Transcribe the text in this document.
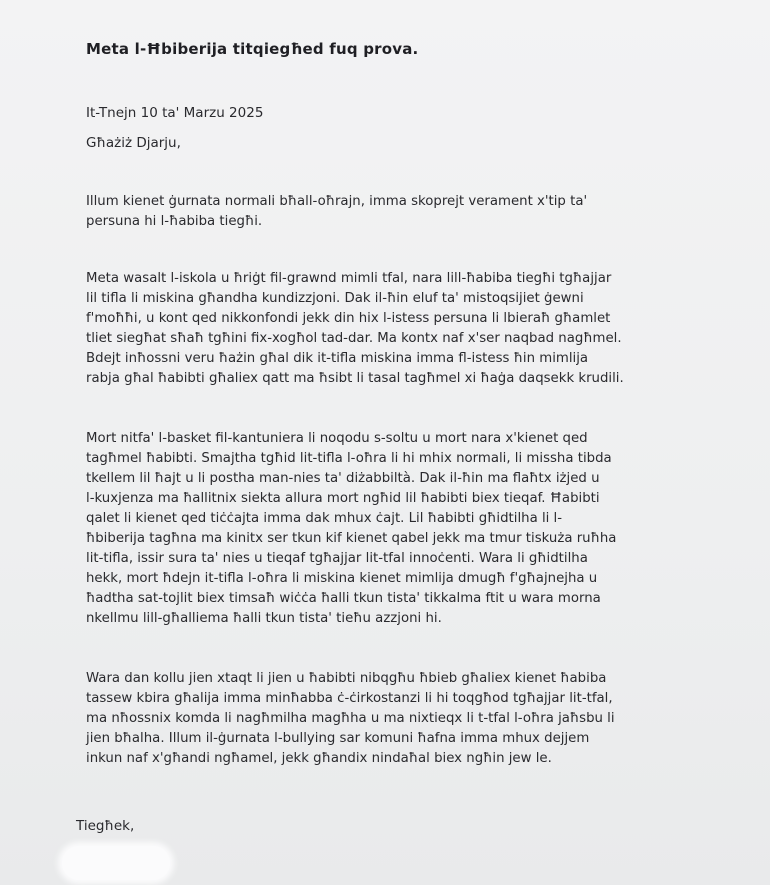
Meta l-Ħbiberija titqiegħed fuq prova.
It-Tnejn 10 ta' Marzu 2025
Għażiż Djarju,
Illum kienet ġurnata normali bħall-oħrajn, imma skoprejt verament x'tip ta'
persuna hi l-ħabiba tiegħi.
Meta wasalt l-iskola u ħriġt fil-grawnd mimli tfal, nara lill-ħabiba tiegħi tgħajjar
lil tifla li miskina għandha kundizzjoni. Dak il-ħin eluf ta' mistoqsijiet ġewni
f'moħħi, u kont qed nikkonfondi jekk din hix l-istess persuna li lbieraħ għamlet
tliet siegħat sħaħ tgħini fix-xogħol tad-dar. Ma kontx naf x'ser naqbad nagħmel.
Bdejt inħossni veru ħażin għal dik it-tifla miskina imma fl-istess ħin mimlija
rabja għal ħabibti għaliex qatt ma ħsibt li tasal tagħmel xi ħaġa daqsekk krudili.
Mort nitfa' l-basket fil-kantuniera li noqodu s-soltu u mort nara x'kienet qed
tagħmel ħabibti. Smajtha tgħid lit-tifla l-oħra li hi mhix normali, li missha tibda
tkellem lil ħajt u li postha man-nies ta' diżabbiltà. Dak il-ħin ma flaħtx iżjed u
l-kuxjenza ma ħallitnix siekta allura mort ngħid lil ħabibti biex tieqaf. Ħabibti
qalet li kienet qed tiċċajta imma dak mhux ċajt. Lil ħabibti għidtilha li l-
ħbiberija tagħna ma kinitx ser tkun kif kienet qabel jekk ma tmur tiskuża ruħha
lit-tifla, issir sura ta' nies u tieqaf tgħajjar lit-tfal innoċenti. Wara li għidtilha
hekk, mort ħdejn it-tifla l-oħra li miskina kienet mimlija dmugħ f'għajnejha u
ħadtha sat-tojlit biex timsaħ wiċċa ħalli tkun tista' tikkalma ftit u wara morna
nkellmu lill-għalliema ħalli tkun tista' tieħu azzjoni hi.
Wara dan kollu jien xtaqt li jien u ħabibti nibqgħu ħbieb għaliex kienet ħabiba
tassew kbira għalija imma minħabba ċ-ċirkostanzi li hi toqgħod tgħajjar lit-tfal,
ma nħossnix komda li nagħmilha magħha u ma nixtieqx li t-tfal l-oħra jaħsbu li
jien bħalha. Illum il-ġurnata l-bullying sar komuni ħafna imma mhux dejjem
inkun naf x'għandi ngħamel, jekk għandix nindaħal biex ngħin jew le.
Tiegħek,
